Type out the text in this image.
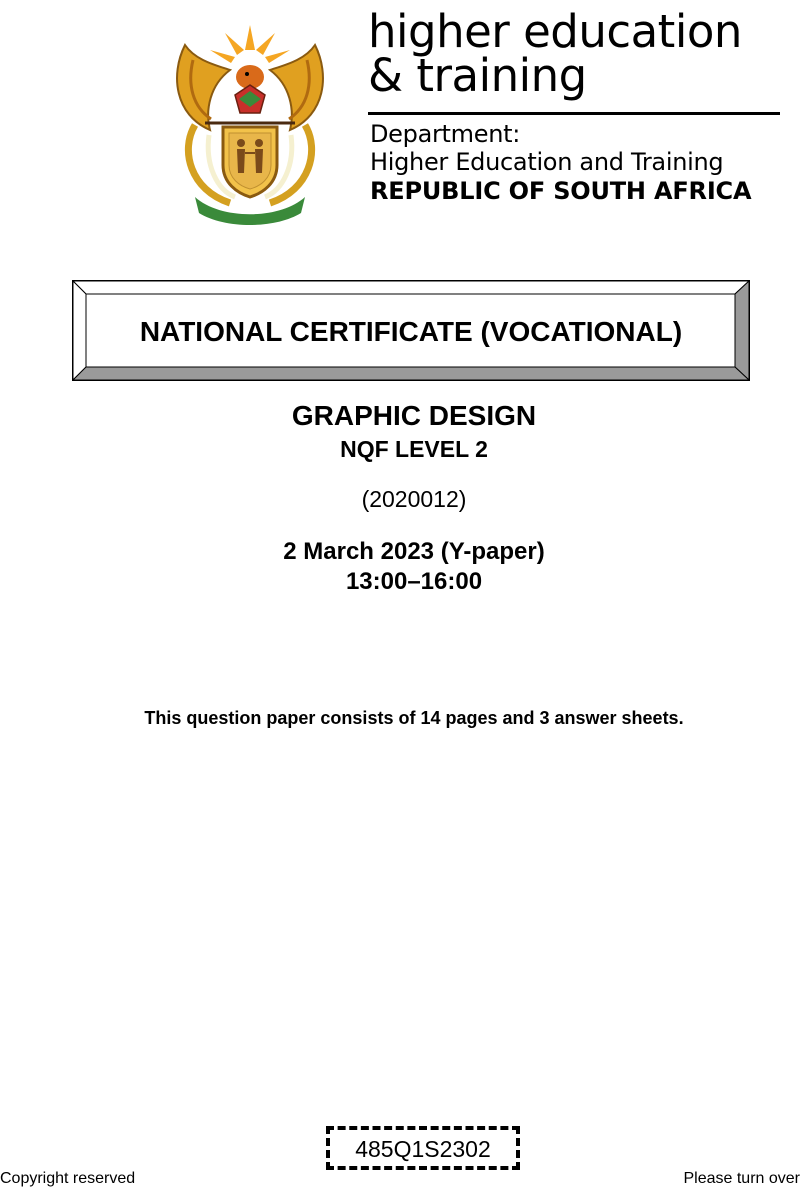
higher education
& training
Department:
Higher Education and Training
REPUBLIC OF SOUTH AFRICA
NATIONAL CERTIFICATE (VOCATIONAL)
GRAPHIC DESIGN
NQF LEVEL 2
(2020012)
2 March 2023 (Y-paper)
13:00–16:00
This question paper consists of 14 pages and 3 answer sheets.
485Q1S2302
Copyright reserved	Please turn over
